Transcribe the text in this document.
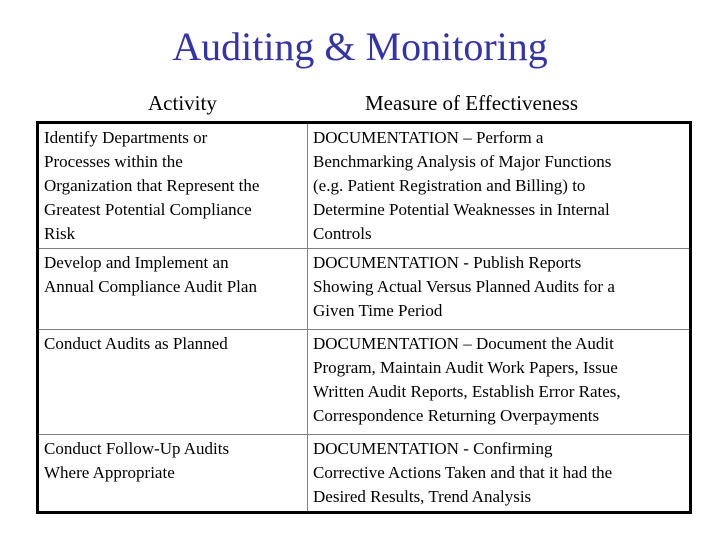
Auditing & Monitoring
Activity	Measure of Effectiveness
Identify Departments or
Processes within the
Organization that Represent the
Greatest Potential Compliance
Risk	DOCUMENTATION – Perform a
Benchmarking Analysis of Major Functions
(e.g. Patient Registration and Billing) to
Determine Potential Weaknesses in Internal
Controls
Develop and Implement an
Annual Compliance Audit Plan	DOCUMENTATION - Publish Reports
Showing Actual Versus Planned Audits for a
Given Time Period
Conduct Audits as Planned	DOCUMENTATION – Document the Audit
Program, Maintain Audit Work Papers, Issue
Written Audit Reports, Establish Error Rates,
Correspondence Returning Overpayments
Conduct Follow-Up Audits
Where Appropriate	DOCUMENTATION - Confirming
Corrective Actions Taken and that it had the
Desired Results, Trend Analysis
